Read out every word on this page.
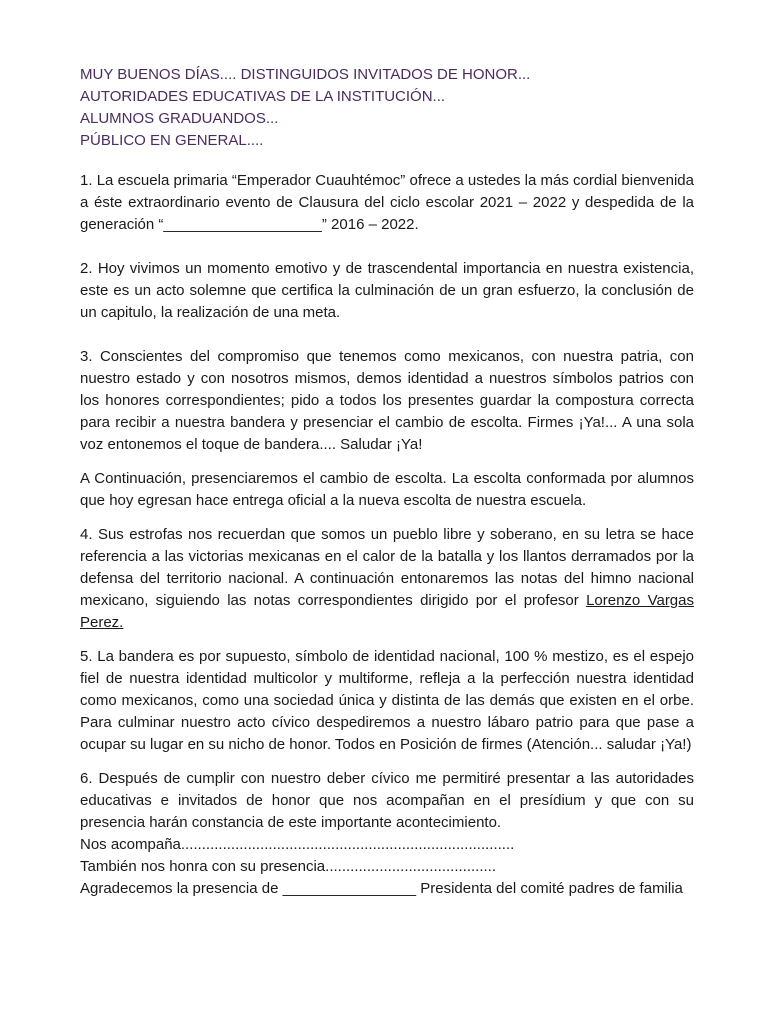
MUY BUENOS DÍAS.... DISTINGUIDOS INVITADOS DE HONOR...
AUTORIDADES EDUCATIVAS DE LA INSTITUCIÓN...
ALUMNOS GRADUANDOS...
PÚBLICO EN GENERAL....

1. La escuela primaria “Emperador Cuauhtémoc” ofrece a ustedes la más cordial bienvenida a éste extraordinario evento de Clausura del ciclo escolar 2021 – 2022 y despedida de la generación “___________________” 2016 – 2022.

2. Hoy vivimos un momento emotivo y de trascendental importancia en nuestra existencia, este es un acto solemne que certifica la culminación de un gran esfuerzo, la conclusión de un capitulo, la realización de una meta.

3. Conscientes del compromiso que tenemos como mexicanos, con nuestra patria, con nuestro estado y con nosotros mismos, demos identidad a nuestros símbolos patrios con los honores correspondientes; pido a todos los presentes guardar la compostura correcta para recibir a nuestra bandera y presenciar el cambio de escolta. Firmes ¡Ya!... A una sola voz entonemos el toque de bandera.... Saludar ¡Ya!

A Continuación, presenciaremos el cambio de escolta. La escolta conformada por alumnos que hoy egresan hace entrega oficial a la nueva escolta de nuestra escuela.

4. Sus estrofas nos recuerdan que somos un pueblo libre y soberano, en su letra se hace referencia a las victorias mexicanas en el calor de la batalla y los llantos derramados por la defensa del territorio nacional. A continuación entonaremos las notas del himno nacional mexicano, siguiendo las notas correspondientes dirigido por el profesor Lorenzo Vargas Perez.

5. La bandera es por supuesto, símbolo de identidad nacional, 100 % mestizo, es el espejo fiel de nuestra identidad multicolor y multiforme, refleja a la perfección nuestra identidad como mexicanos, como una sociedad única y distinta de las demás que existen en el orbe. Para culminar nuestro acto cívico despediremos a nuestro lábaro patrio para que pase a ocupar su lugar en su nicho de honor. Todos en Posición de firmes (Atención... saludar ¡Ya!)

6. Después de cumplir con nuestro deber cívico me permitiré presentar a las autoridades educativas e invitados de honor que nos acompañan en el presídium y que con su presencia harán constancia de este importante acontecimiento.

Nos acompaña................................................................................
También nos honra con su presencia.........................................
Agradecemos la presencia de ________________ Presidenta del comité padres de familia
